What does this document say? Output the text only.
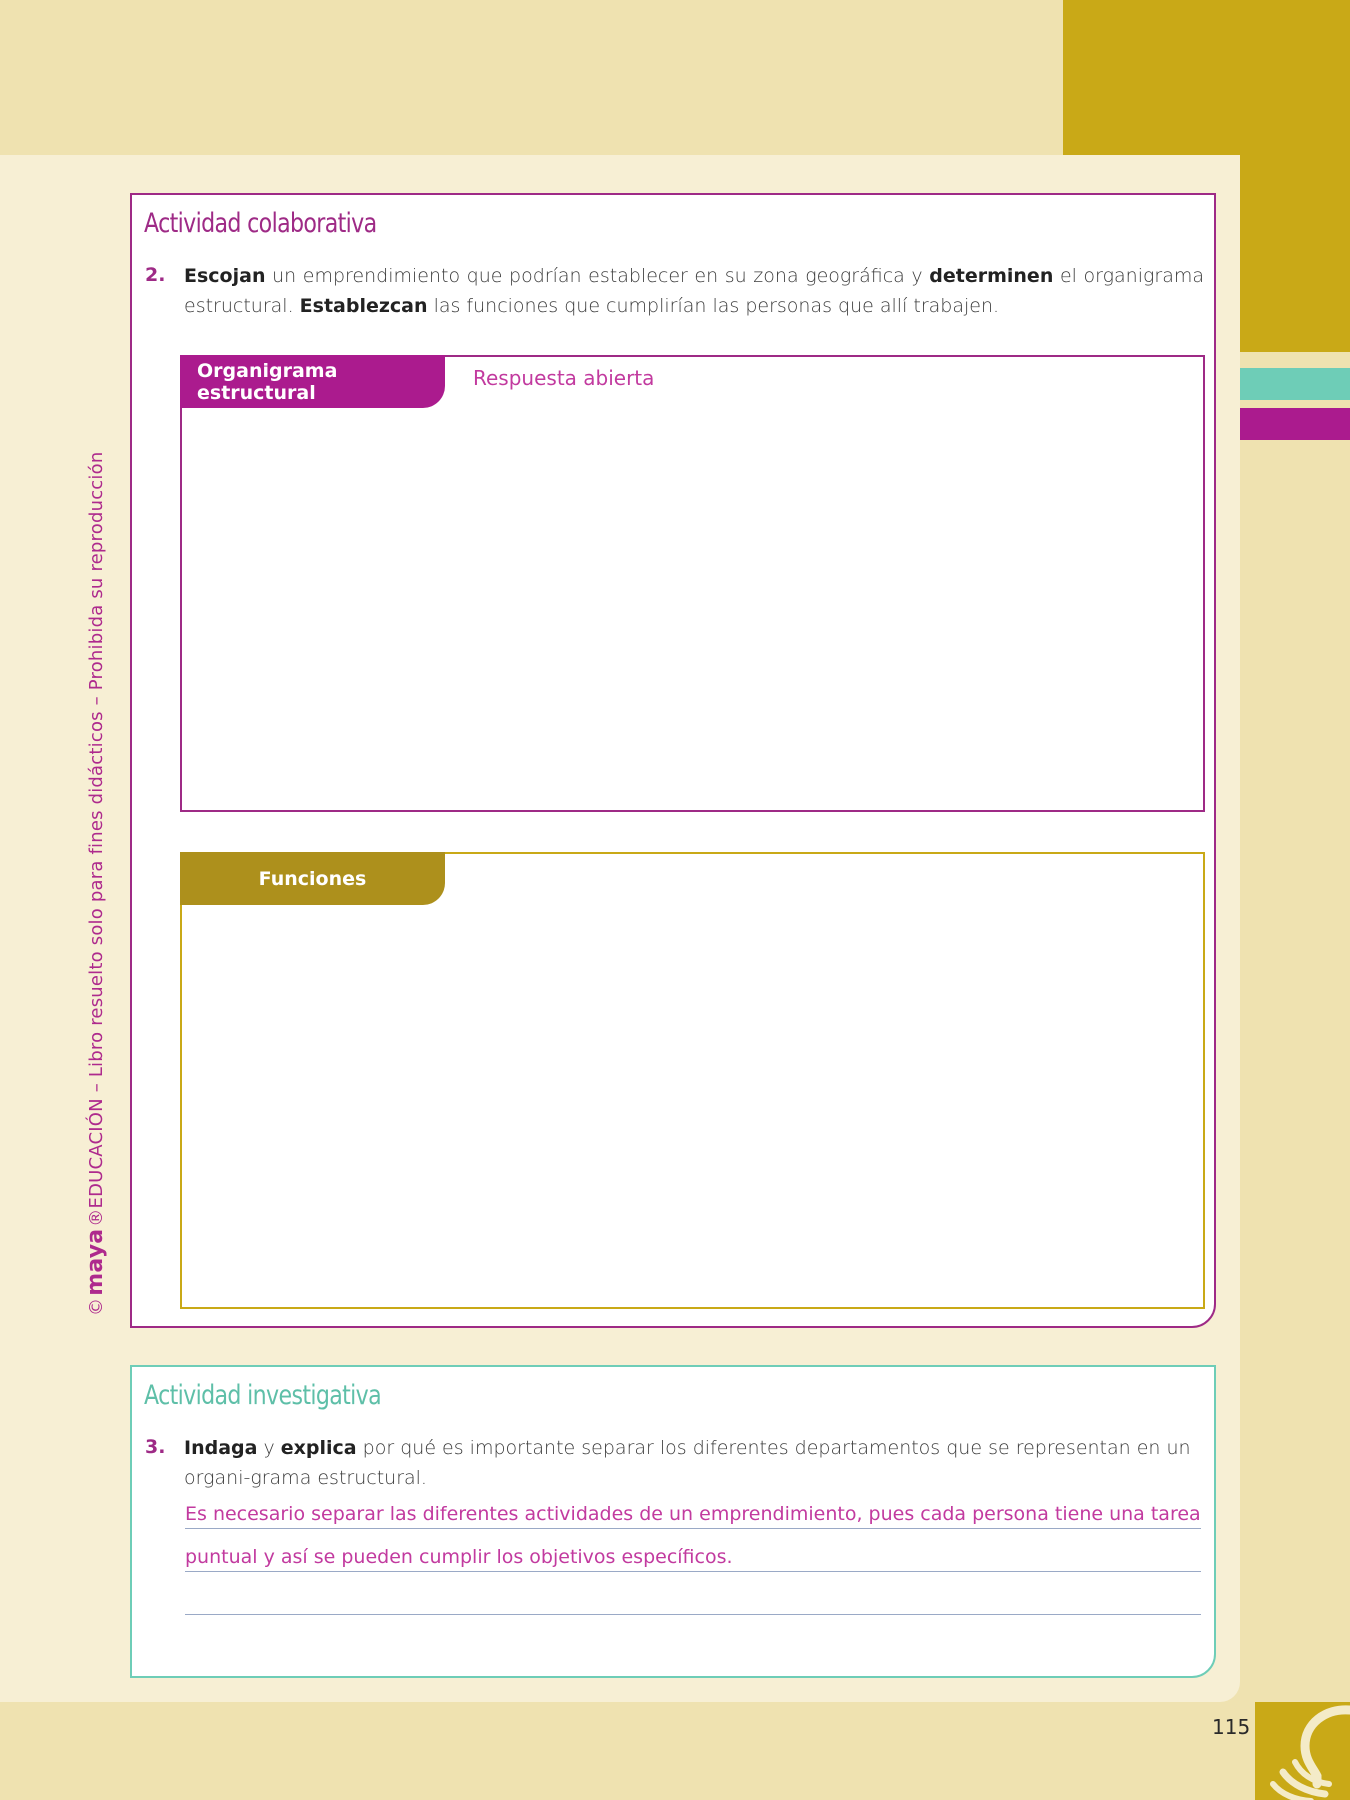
©maya®EDUCACIÓN – Libro resuelto solo para fines didácticos – Prohibida su reproducción
Actividad colaborativa
2. Escojan un emprendimiento que podrían establecer en su zona geográfica y determinen el organigrama estructural. Establezcan las funciones que cumplirían las personas que allí trabajen.
Organigrama estructural
Respuesta abierta
Funciones
Actividad investigativa
3. Indaga y explica por qué es importante separar los diferentes departamentos que se representan en un organi-grama estructural.
Es necesario separar las diferentes actividades de un emprendimiento, pues cada persona tiene una tarea
puntual y así se pueden cumplir los objetivos específicos.
115
